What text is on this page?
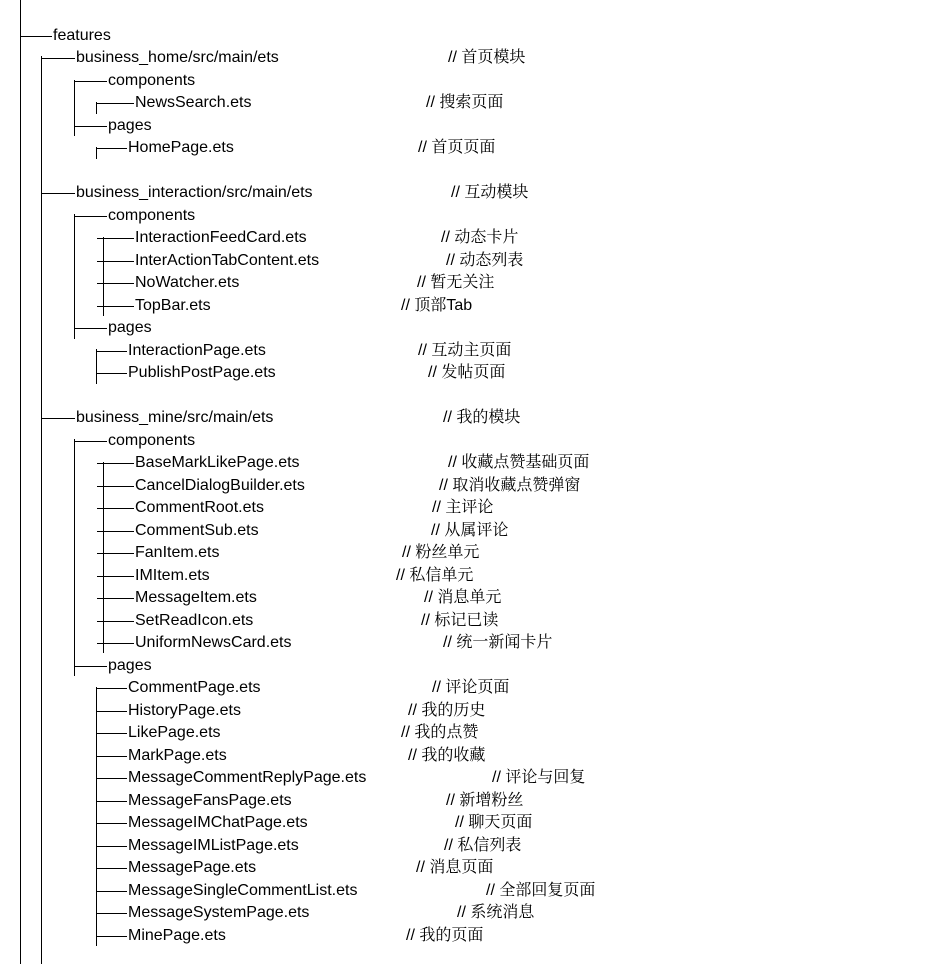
features
business_home/src/main/ets	// 首页模块
components
NewsSearch.ets	// 搜索页面
pages
HomePage.ets	// 首页页面
business_interaction/src/main/ets	// 互动模块
components
InteractionFeedCard.ets	// 动态卡片
InterActionTabContent.ets	// 动态列表
NoWatcher.ets	// 暂无关注
TopBar.ets	// 顶部Tab
pages
InteractionPage.ets	// 互动主页面
PublishPostPage.ets	// 发帖页面
business_mine/src/main/ets	// 我的模块
components
BaseMarkLikePage.ets	// 收藏点赞基础页面
CancelDialogBuilder.ets	// 取消收藏点赞弹窗
CommentRoot.ets	// 主评论
CommentSub.ets	// 从属评论
FanItem.ets	// 粉丝单元
IMItem.ets	// 私信单元
MessageItem.ets	// 消息单元
SetReadIcon.ets	// 标记已读
UniformNewsCard.ets	// 统一新闻卡片
pages
CommentPage.ets	// 评论页面
HistoryPage.ets	// 我的历史
LikePage.ets	// 我的点赞
MarkPage.ets	// 我的收藏
MessageCommentReplyPage.ets	// 评论与回复
MessageFansPage.ets	// 新增粉丝
MessageIMChatPage.ets	// 聊天页面
MessageIMListPage.ets	// 私信列表
MessagePage.ets	// 消息页面
MessageSingleCommentList.ets	// 全部回复页面
MessageSystemPage.ets	// 系统消息
MinePage.ets	// 我的页面
